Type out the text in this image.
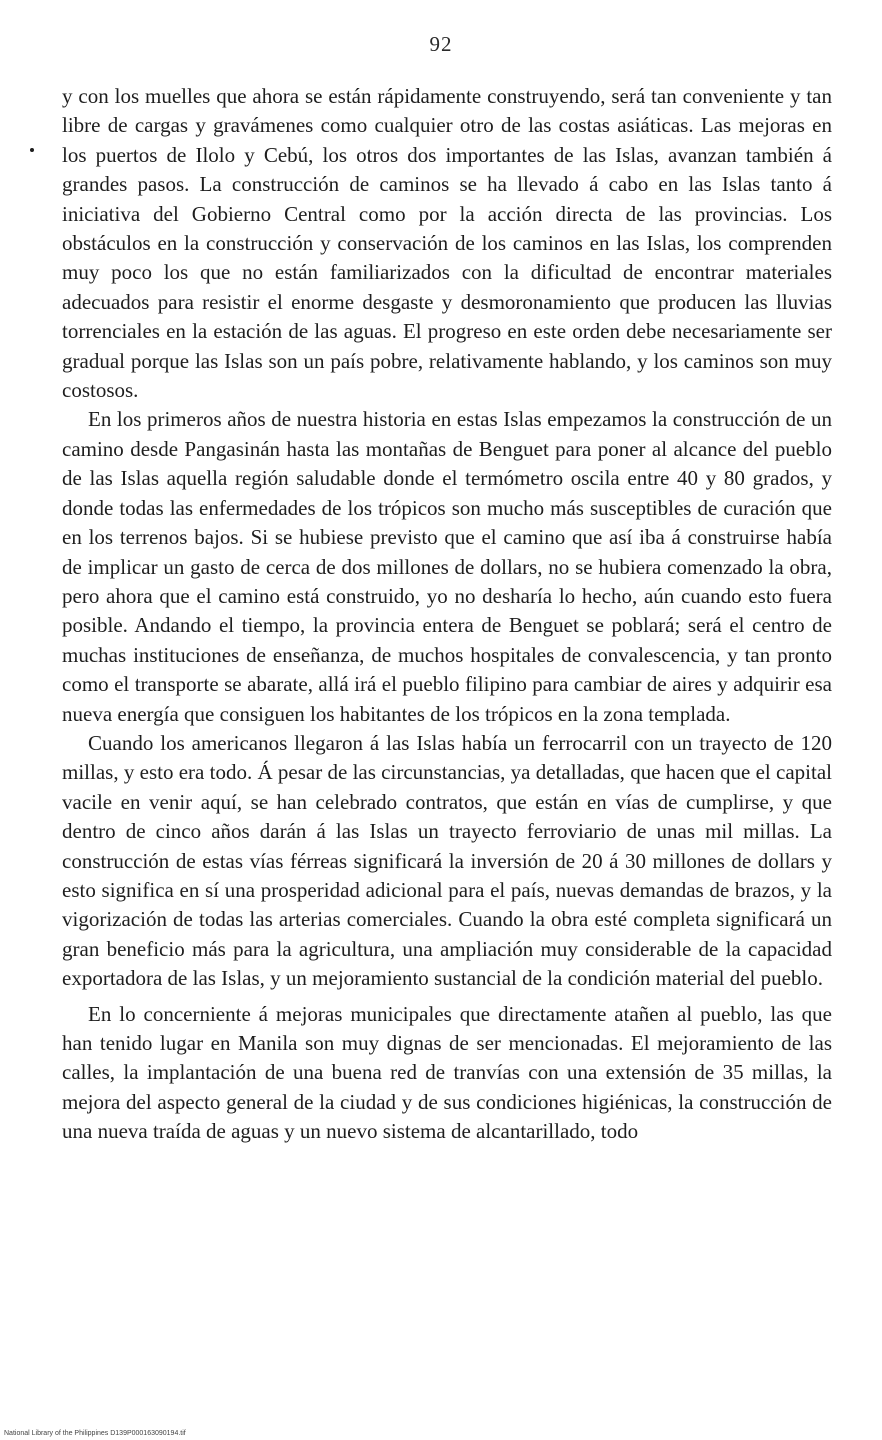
92

y con los muelles que ahora se están rápidamente construyendo, será tan conveniente y tan libre de cargas y gravámenes como cualquier otro de las costas asiáticas. Las mejoras en los puertos de Ilolo y Cebú, los otros dos importantes de las Islas, avanzan también á grandes pasos. La construcción de caminos se ha llevado á cabo en las Islas tanto á iniciativa del Gobierno Central como por la acción directa de las provincias. Los obstáculos en la construcción y conservación de los caminos en las Islas, los comprenden muy poco los que no están familiarizados con la dificultad de encontrar materiales adecuados para resistir el enorme desgaste y desmoronamiento que producen las lluvias torrenciales en la estación de las aguas. El progreso en este orden debe necesariamente ser gradual porque las Islas son un país pobre, relativamente hablando, y los caminos son muy costosos.

En los primeros años de nuestra historia en estas Islas empezamos la construcción de un camino desde Pangasinán hasta las montañas de Benguet para poner al alcance del pueblo de las Islas aquella región saludable donde el termómetro oscila entre 40 y 80 grados, y donde todas las enfermedades de los trópicos son mucho más susceptibles de curación que en los terrenos bajos. Si se hubiese previsto que el camino que así iba á construirse había de implicar un gasto de cerca de dos millones de dollars, no se hubiera comenzado la obra, pero ahora que el camino está construido, yo no desharía lo hecho, aún cuando esto fuera posible. Andando el tiempo, la provincia entera de Benguet se poblará; será el centro de muchas instituciones de enseñanza, de muchos hospitales de convalescencia, y tan pronto como el transporte se abarate, allá irá el pueblo filipino para cambiar de aires y adquirir esa nueva energía que consiguen los habitantes de los trópicos en la zona templada.

Cuando los americanos llegaron á las Islas había un ferrocarril con un trayecto de 120 millas, y esto era todo. Á pesar de las circunstancias, ya detalladas, que hacen que el capital vacile en venir aquí, se han celebrado contratos, que están en vías de cumplirse, y que dentro de cinco años darán á las Islas un trayecto ferroviario de unas mil millas. La construcción de estas vías férreas significará la inversión de 20 á 30 millones de dollars y esto significa en sí una prosperidad adicional para el país, nuevas demandas de brazos, y la vigorización de todas las arterias comerciales. Cuando la obra esté completa significará un gran beneficio más para la agricultura, una ampliación muy considerable de la capacidad exportadora de las Islas, y un mejoramiento sustancial de la condición material del pueblo.

En lo concerniente á mejoras municipales que directamente atañen al pueblo, las que han tenido lugar en Manila son muy dignas de ser mencionadas. El mejoramiento de las calles, la implantación de una buena red de tranvías con una extensión de 35 millas, la mejora del aspecto general de la ciudad y de sus condiciones higiénicas, la construcción de una nueva traída de aguas y un nuevo sistema de alcantarillado, todo

National Library of the Philippines D139P000163090194.tif
